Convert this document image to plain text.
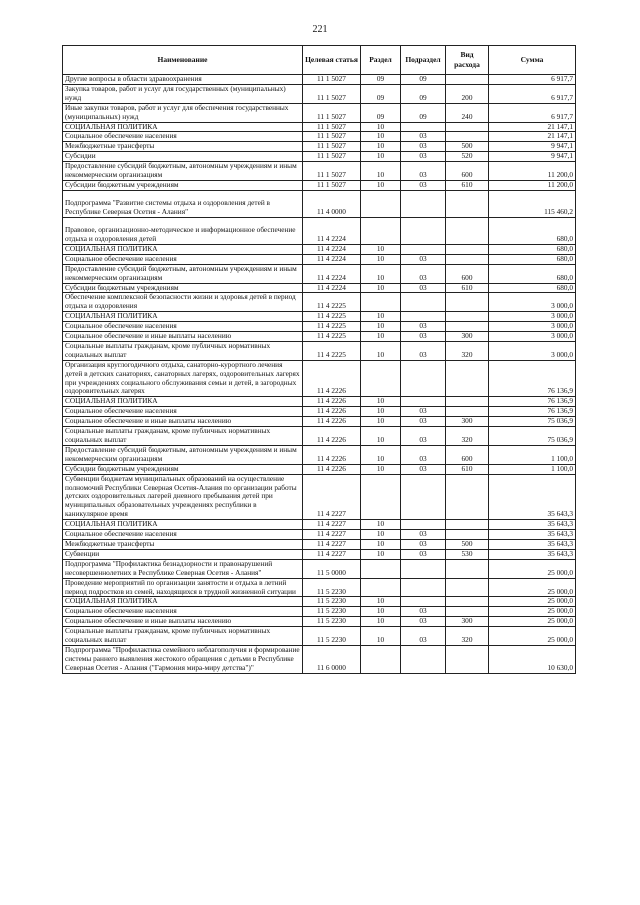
221
Наименование	Целевая статья	Раздел	Подраздел	Вид расхода	Сумма
Другие вопросы в области здравоохранения	11 1 5027	09	09		6 917,7
Закупка товаров, работ и услуг для государственных (муниципальных) нужд	11 1 5027	09	09	200	6 917,7
Иные закупки товаров, работ и услуг для обеспечения государственных (муниципальных) нужд	11 1 5027	09	09	240	6 917,7
СОЦИАЛЬНАЯ ПОЛИТИКА	11 1 5027	10			21 147,1
Социальное обеспечение населения	11 1 5027	10	03		21 147,1
Межбюджетные трансферты	11 1 5027	10	03	500	9 947,1
Субсидии	11 1 5027	10	03	520	9 947,1
Предоставление субсидий бюджетным, автономным учреждениям и иным некоммерческим организациям	11 1 5027	10	03	600	11 200,0
Субсидии бюджетным учреждениям	11 1 5027	10	03	610	11 200,0
Подпрограмма "Развитие системы отдыха и оздоровления детей в Республике Северная Осетия - Алания"	11 4 0000				115 460,2
Правовое, организационно-методическое и информационное обеспечение отдыха и оздоровления детей	11 4 2224				680,0
СОЦИАЛЬНАЯ ПОЛИТИКА	11 4 2224	10			680,0
Социальное обеспечение населения	11 4 2224	10	03		680,0
Предоставление субсидий бюджетным, автономным учреждениям и иным некоммерческим организациям	11 4 2224	10	03	600	680,0
Субсидии бюджетным учреждениям	11 4 2224	10	03	610	680,0
Обеспечение комплексной безопасности жизни и здоровья детей в период отдыха и оздоровления	11 4 2225				3 000,0
СОЦИАЛЬНАЯ ПОЛИТИКА	11 4 2225	10			3 000,0
Социальное обеспечение населения	11 4 2225	10	03		3 000,0
Социальное обеспечение и иные выплаты населению	11 4 2225	10	03	300	3 000,0
Социальные выплаты гражданам, кроме публичных нормативных социальных выплат	11 4 2225	10	03	320	3 000,0
Организация круглогодичного отдыха, санаторно-курортного лечения детей в детских санаториях, санаторных лагерях, оздоровительных лагерях при учреждениях социального обслуживания семьи и детей, в загородных оздоровительных лагерях	11 4 2226				76 136,9
СОЦИАЛЬНАЯ ПОЛИТИКА	11 4 2226	10			76 136,9
Социальное обеспечение населения	11 4 2226	10	03		76 136,9
Социальное обеспечение и иные выплаты населению	11 4 2226	10	03	300	75 036,9
Социальные выплаты гражданам, кроме публичных нормативных социальных выплат	11 4 2226	10	03	320	75 036,9
Предоставление субсидий бюджетным, автономным учреждениям и иным некоммерческим организациям	11 4 2226	10	03	600	1 100,0
Субсидии бюджетным учреждениям	11 4 2226	10	03	610	1 100,0
Субвенции бюджетам муниципальных образований на осуществление полномочий Республики Северная Осетия-Алания по организации работы детских оздоровительных лагерей дневного пребывания детей при муниципальных образовательных учреждениях республики в каникулярное время	11 4 2227				35 643,3
СОЦИАЛЬНАЯ ПОЛИТИКА	11 4 2227	10			35 643,3
Социальное обеспечение населения	11 4 2227	10	03		35 643,3
Межбюджетные трансферты	11 4 2227	10	03	500	35 643,3
Субвенции	11 4 2227	10	03	530	35 643,3
Подпрограмма "Профилактика безнадзорности и правонарушений несовершеннолетних в Республике Северная Осетия - Алания"	11 5 0000				25 000,0
Проведение мероприятий по организации занятости и отдыха в летний период подростков из семей, находящихся в трудной жизненной ситуации	11 5 2230				25 000,0
СОЦИАЛЬНАЯ ПОЛИТИКА	11 5 2230	10			25 000,0
Социальное обеспечение населения	11 5 2230	10	03		25 000,0
Социальное обеспечение и иные выплаты населению	11 5 2230	10	03	300	25 000,0
Социальные выплаты гражданам, кроме публичных нормативных социальных выплат	11 5 2230	10	03	320	25 000,0
Подпрограмма "Профилактика семейного неблагополучия и формирование системы раннего выявления жестокого обращения с детьми в Республике Северная Осетия - Алания ("Гармония мира-миру детства")"	11 6 0000				10 630,0
